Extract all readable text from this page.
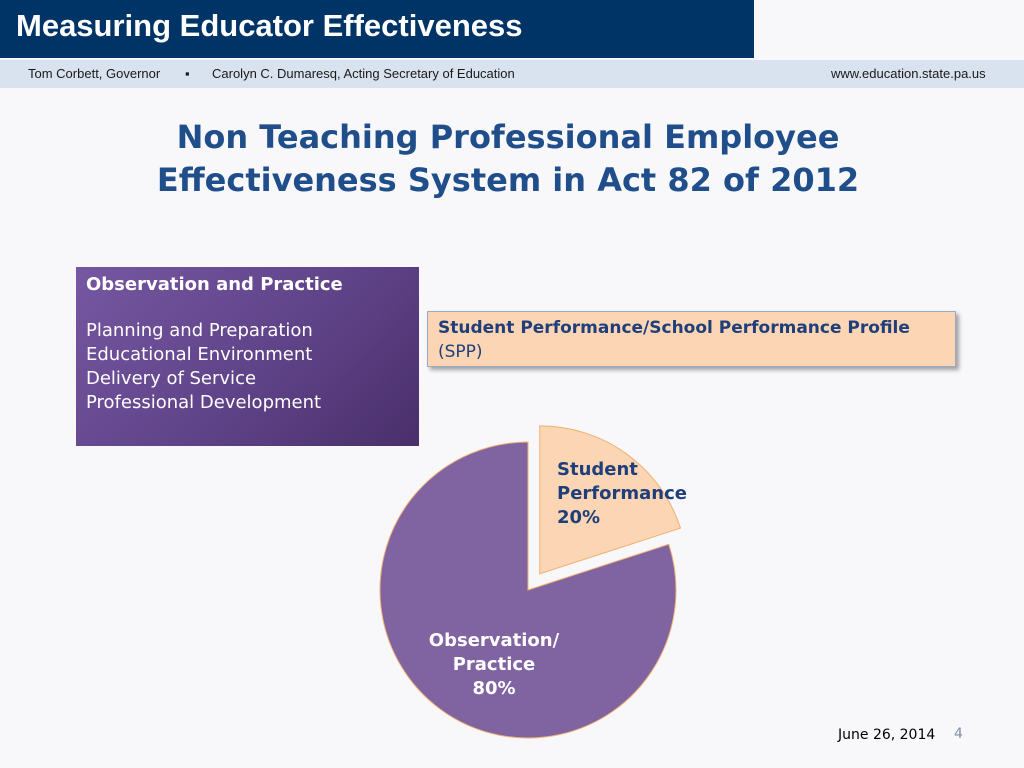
Measuring Educator Effectiveness
Tom Corbett, Governor ▪ Carolyn C. Dumaresq, Acting Secretary of Education	www.education.state.pa.us
Non Teaching Professional Employee
Effectiveness System in Act 82 of 2012
Observation and Practice
Planning and Preparation
Educational Environment
Delivery of Service
Professional Development
Student Performance/School Performance Profile
(SPP)
Student
Performance
20%
Observation/
Practice
80%
June 26, 2014 4
